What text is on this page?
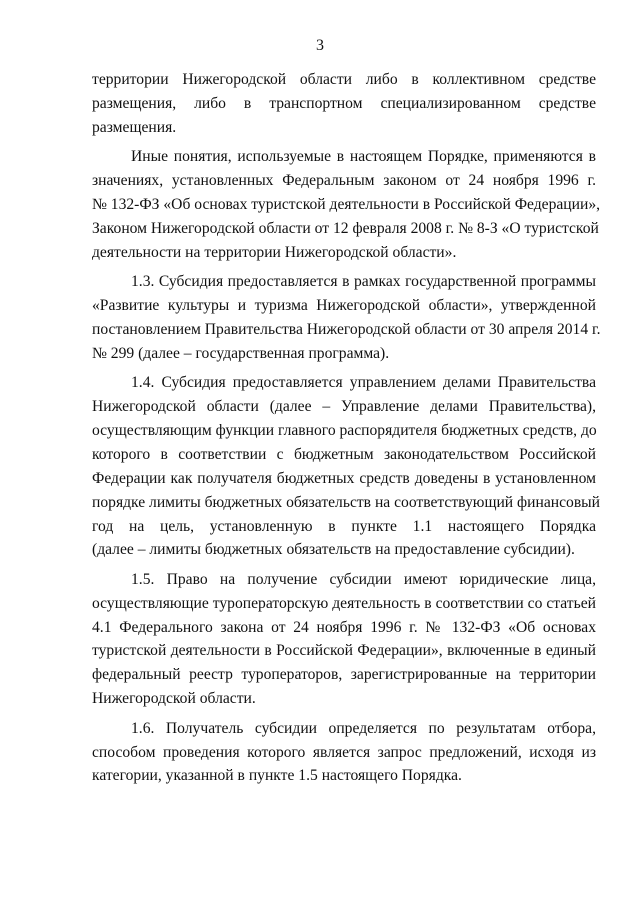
3
территории Нижегородской области либо в коллективном средстве
размещения, либо в транспортном специализированном средстве
размещения.
Иные понятия, используемые в настоящем Порядке, применяются в
значениях, установленных Федеральным законом от 24 ноября 1996 г.
№ 132-ФЗ «Об основах туристской деятельности в Российской Федерации»,
Законом Нижегородской области от 12 февраля 2008 г. № 8-З «О туристской
деятельности на территории Нижегородской области».
1.3. Субсидия предоставляется в рамках государственной программы
«Развитие культуры и туризма Нижегородской области», утвержденной
постановлением Правительства Нижегородской области от 30 апреля 2014 г.
№ 299 (далее – государственная программа).
1.4. Субсидия предоставляется управлением делами Правительства
Нижегородской области (далее – Управление делами Правительства),
осуществляющим функции главного распорядителя бюджетных средств, до
которого в соответствии с бюджетным законодательством Российской
Федерации как получателя бюджетных средств доведены в установленном
порядке лимиты бюджетных обязательств на соответствующий финансовый
год на цель, установленную в пункте 1.1 настоящего Порядка
(далее – лимиты бюджетных обязательств на предоставление субсидии).
1.5. Право на получение субсидии имеют юридические лица,
осуществляющие туроператорскую деятельность в соответствии со статьей
4.1 Федерального закона от 24 ноября 1996 г. № 132-ФЗ «Об основах
туристской деятельности в Российской Федерации», включенные в единый
федеральный реестр туроператоров, зарегистрированные на территории
Нижегородской области.
1.6. Получатель субсидии определяется по результатам отбора,
способом проведения которого является запрос предложений, исходя из
категории, указанной в пункте 1.5 настоящего Порядка.
